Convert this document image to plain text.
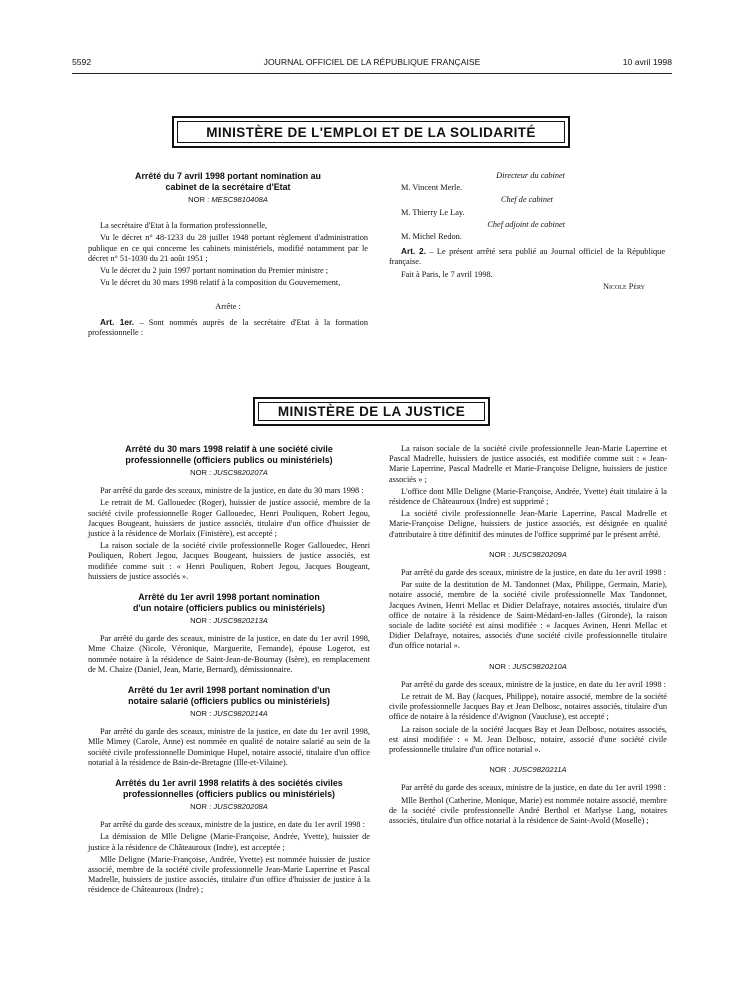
5592	JOURNAL OFFICIEL DE LA RÉPUBLIQUE FRANÇAISE	10 avril 1998
MINISTÈRE DE L'EMPLOI ET DE LA SOLIDARITÉ
Arrêté du 7 avril 1998 portant nomination au cabinet de la secrétaire d'Etat
NOR : MESC9810408A

La secrétaire d'Etat à la formation professionnelle,

Vu le décret n° 48-1233 du 28 juillet 1948 portant règlement d'administration publique en ce qui concerne les cabinets ministériels, modifié notamment par le décret n° 51-1030 du 21 août 1951 ;

Vu le décret du 2 juin 1997 portant nomination du Premier ministre ;

Vu le décret du 30 mars 1998 relatif à la composition du Gouvernement,

Arrête :

Art. 1er. – Sont nommés auprès de la secrétaire d'Etat à la formation professionnelle :

Directeur du cabinet

M. Vincent Merle.

Chef de cabinet

M. Thierry Le Lay.

Chef adjoint de cabinet

M. Michel Redon.

Art. 2. – Le présent arrêté sera publié au Journal officiel de la République française.

Fait à Paris, le 7 avril 1998.

Nicole Péry

MINISTÈRE DE LA JUSTICE
Arrêté du 30 mars 1998 relatif à une société civile professionnelle (officiers publics ou ministériels)
NOR : JUSC9820207A

Par arrêté du garde des sceaux, ministre de la justice, en date du 30 mars 1998 :

Le retrait de M. Gallouedec (Roger), huissier de justice associé, membre de la société civile professionnelle Roger Gallouedec, Henri Pouliquen, Robert Jegou, Jacques Bougeant, huissiers de justice associés, titulaire d'un office d'huissier de justice à la résidence de Morlaix (Finistère), est accepté ;

La raison sociale de la société civile professionnelle Roger Gallouedec, Henri Pouliquen, Robert Jegou, Jacques Bougeant, huissiers de justice associés, est modifiée comme suit : « Henri Pouliquen, Robert Jegou, Jacques Bougeant, huissiers de justice associés ».

Arrêté du 1er avril 1998 portant nomination d'un notaire (officiers publics ou ministériels)
NOR : JUSC9820213A

Par arrêté du garde des sceaux, ministre de la justice, en date du 1er avril 1998, Mme Chaize (Nicole, Véronique, Marguerite, Fernande), épouse Logerot, est nommée notaire à la résidence de Saint-Jean-de-Bournay (Isère), en remplacement de M. Chaize (Daniel, Jean, Marie, Bernard), démissionnaire.

Arrêté du 1er avril 1998 portant nomination d'un notaire salarié (officiers publics ou ministériels)
NOR : JUSC9820214A

Par arrêté du garde des sceaux, ministre de la justice, en date du 1er avril 1998, Mlle Mimey (Carole, Anne) est nommée en qualité de notaire salarié au sein de la société civile professionnelle Dominique Hupel, notaire associé, titulaire d'un office notarial à la résidence de Bain-de-Bretagne (Ille-et-Vilaine).

Arrêtés du 1er avril 1998 relatifs à des sociétés civiles professionnelles (officiers publics ou ministériels)
NOR : JUSC9820208A

Par arrêté du garde des sceaux, ministre de la justice, en date du 1er avril 1998 :

La démission de Mlle Deligne (Marie-Françoise, Andrée, Yvette), huissier de justice à la résidence de Châteauroux (Indre), est acceptée ;

Mlle Deligne (Marie-Françoise, Andrée, Yvette) est nommée huissier de justice associé, membre de la société civile professionnelle Jean-Marie Laperrine et Pascal Madrelle, huissiers de justice associés, titulaire d'un office d'huissier de justice à la résidence de Châteauroux (Indre) ;

La raison sociale de la société civile professionnelle Jean-Marie Laperrine et Pascal Madrelle, huissiers de justice associés, est modifiée comme suit : « Jean-Marie Laperrine, Pascal Madrelle et Marie-Françoise Deligne, huissiers de justice associés » ;

L'office dont Mlle Deligne (Marie-Françoise, Andrée, Yvette) était titulaire à la résidence de Châteauroux (Indre) est supprimé ;

La société civile professionnelle Jean-Marie Laperrine, Pascal Madrelle et Marie-Françoise Deligne, huissiers de justice associés, est désignée en qualité d'attributaire à titre définitif des minutes de l'office supprimé par le présent arrêté.

NOR : JUSC9820209A

Par arrêté du garde des sceaux, ministre de la justice, en date du 1er avril 1998 :

Par suite de la destitution de M. Tandonnet (Max, Philippe, Germain, Marie), notaire associé, membre de la société civile professionnelle Max Tandonnet, Jacques Avinen, Henri Mellac et Didier Delafraye, notaires associés, titulaire d'un office de notaire à la résidence de Saint-Médard-en-Jalles (Gironde), la raison sociale de ladite société est ainsi modifiée : « Jacques Avinen, Henri Mellac et Didier Delafraye, notaires, associés d'une société civile professionnelle titulaire d'un office notarial ».

NOR : JUSC9820210A

Par arrêté du garde des sceaux, ministre de la justice, en date du 1er avril 1998 :

Le retrait de M. Bay (Jacques, Philippe), notaire associé, membre de la société civile professionnelle Jacques Bay et Jean Delbosc, notaires associés, titulaire d'un office de notaire à la résidence d'Avignon (Vaucluse), est accepté ;

La raison sociale de la société Jacques Bay et Jean Delbosc, notaires associés, est ainsi modifiée : « M. Jean Delbosc, notaire, associé d'une société civile professionnelle titulaire d'un office notarial ».

NOR : JUSC9820211A

Par arrêté du garde des sceaux, ministre de la justice, en date du 1er avril 1998 :

Mlle Berthol (Catherine, Monique, Marie) est nommée notaire associé, membre de la société civile professionnelle André Berthol et Marlyse Lang, notaires associés, titulaire d'un office notarial à la résidence de Saint-Avold (Moselle) ;
